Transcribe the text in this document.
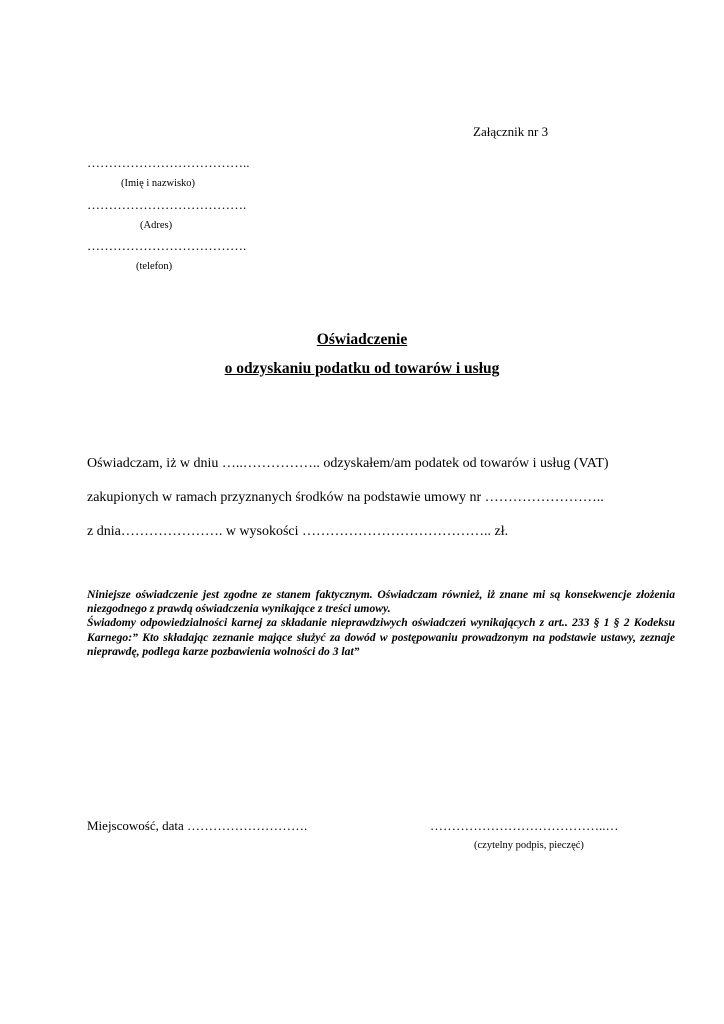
Załącznik nr 3
………………………………..
(Imię i nazwisko)
……………………………….
(Adres)
……………………………….
(telefon)
Oświadczenie
o odzyskaniu podatku od towarów i usług
Oświadczam, iż w dniu …..…………….. odzyskałem/am podatek od towarów i usług (VAT)
zakupionych w ramach przyznanych środków na podstawie umowy nr ……………………..
z dnia…………………. w wysokości ………………………………….. zł.

Niniejsze oświadczenie jest zgodne ze stanem faktycznym. Oświadczam również, iż znane mi są konsekwencje złożenia niezgodnego z prawdą oświadczenia wynikające z treści umowy.

Świadomy odpowiedzialności karnej za składanie nieprawdziwych oświadczeń wynikających z art.. 233 § 1 § 2 Kodeksu Karnego:” Kto składając zeznanie mające służyć za dowód w postępowaniu prowadzonym na podstawie ustawy, zeznaje nieprawdę, podlega karze pozbawienia wolności do 3 lat”

Miejscowość, data ……………………….	…………………………………..…
(czytelny podpis, pieczęć)
